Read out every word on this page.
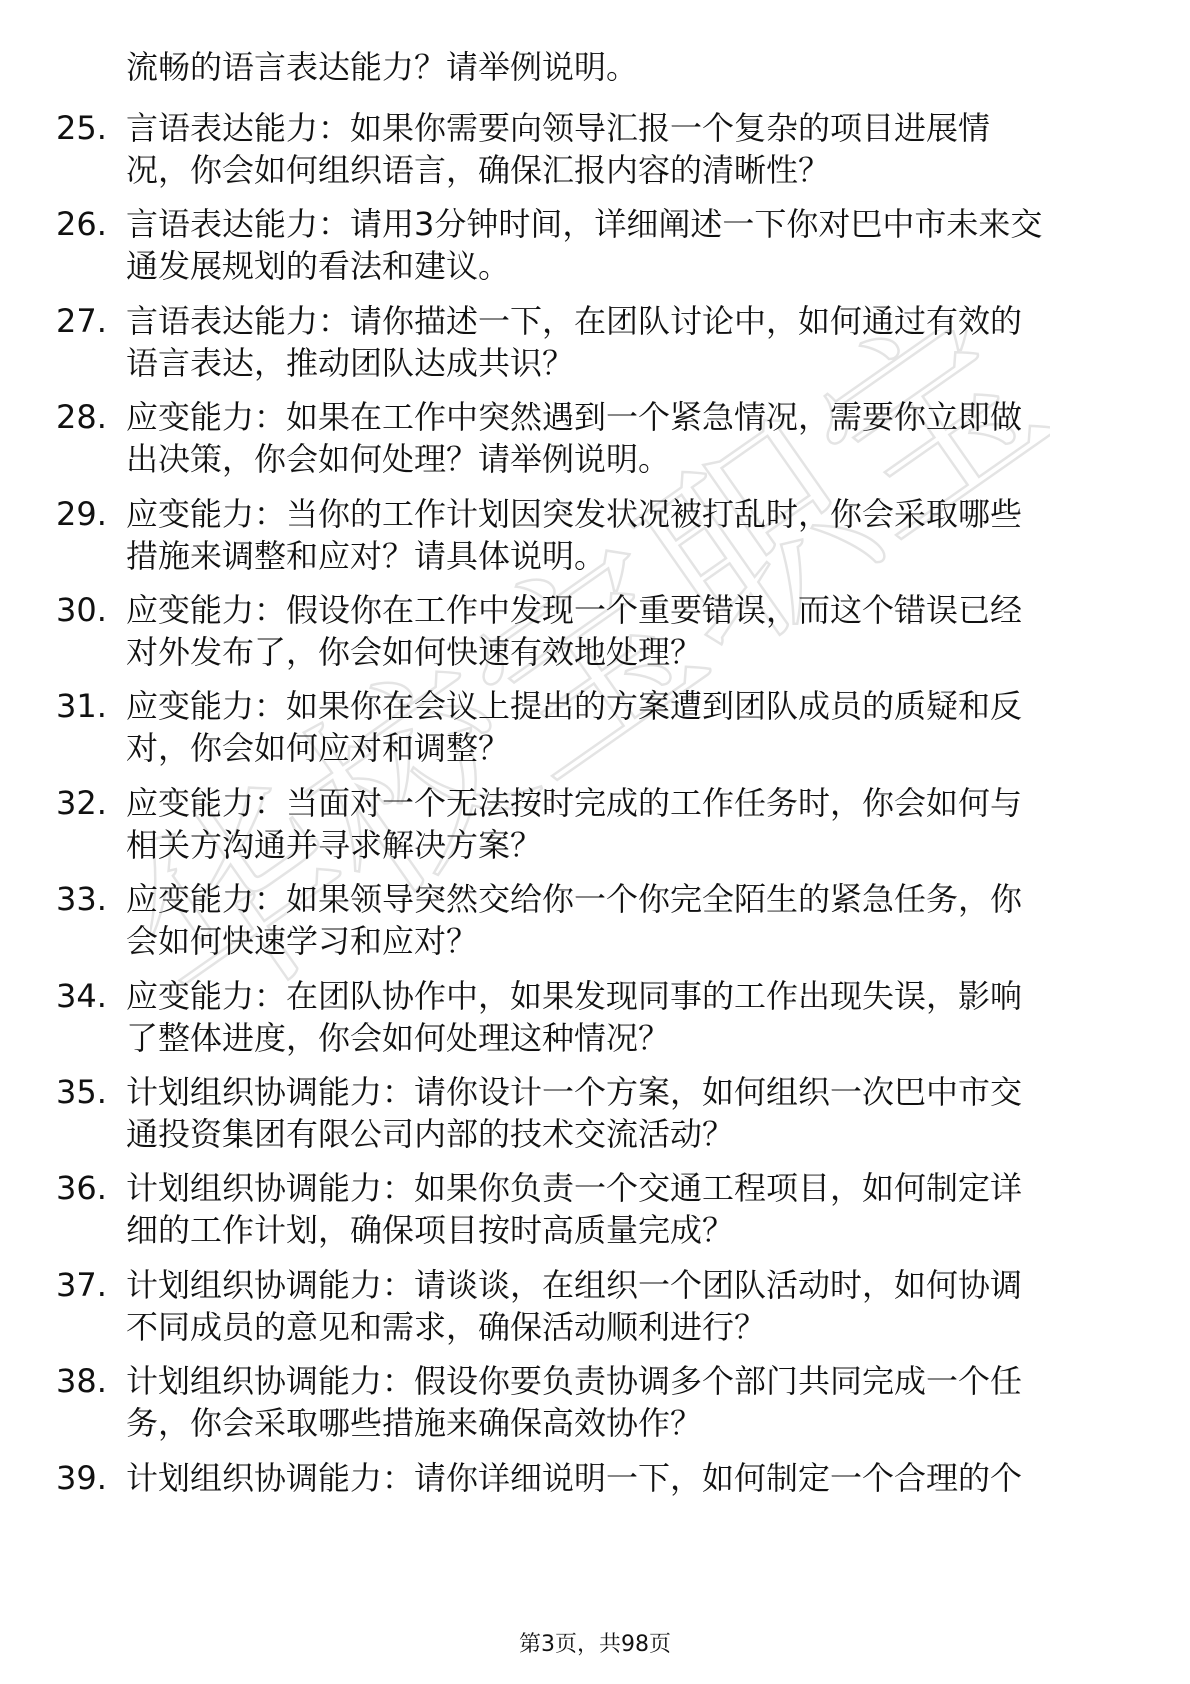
华校宝职宝
流畅的语言表达能力？请举例说明。
25. 言语表达能力：如果你需要向领导汇报一个复杂的项目进展情
况，你会如何组织语言，确保汇报内容的清晰性？
26. 言语表达能力：请用3分钟时间，详细阐述一下你对巴中市未来交
通发展规划的看法和建议。
27. 言语表达能力：请你描述一下，在团队讨论中，如何通过有效的
语言表达，推动团队达成共识？
28. 应变能力：如果在工作中突然遇到一个紧急情况，需要你立即做
出决策，你会如何处理？请举例说明。
29. 应变能力：当你的工作计划因突发状况被打乱时，你会采取哪些
措施来调整和应对？请具体说明。
30. 应变能力：假设你在工作中发现一个重要错误，而这个错误已经
对外发布了，你会如何快速有效地处理？
31. 应变能力：如果你在会议上提出的方案遭到团队成员的质疑和反
对，你会如何应对和调整？
32. 应变能力：当面对一个无法按时完成的工作任务时，你会如何与
相关方沟通并寻求解决方案？
33. 应变能力：如果领导突然交给你一个你完全陌生的紧急任务，你
会如何快速学习和应对？
34. 应变能力：在团队协作中，如果发现同事的工作出现失误，影响
了整体进度，你会如何处理这种情况？
35. 计划组织协调能力：请你设计一个方案，如何组织一次巴中市交
通投资集团有限公司内部的技术交流活动？
36. 计划组织协调能力：如果你负责一个交通工程项目，如何制定详
细的工作计划，确保项目按时高质量完成？
37. 计划组织协调能力：请谈谈，在组织一个团队活动时，如何协调
不同成员的意见和需求，确保活动顺利进行？
38. 计划组织协调能力：假设你要负责协调多个部门共同完成一个任
务，你会采取哪些措施来确保高效协作？
39. 计划组织协调能力：请你详细说明一下，如何制定一个合理的个
第3页，共98页
